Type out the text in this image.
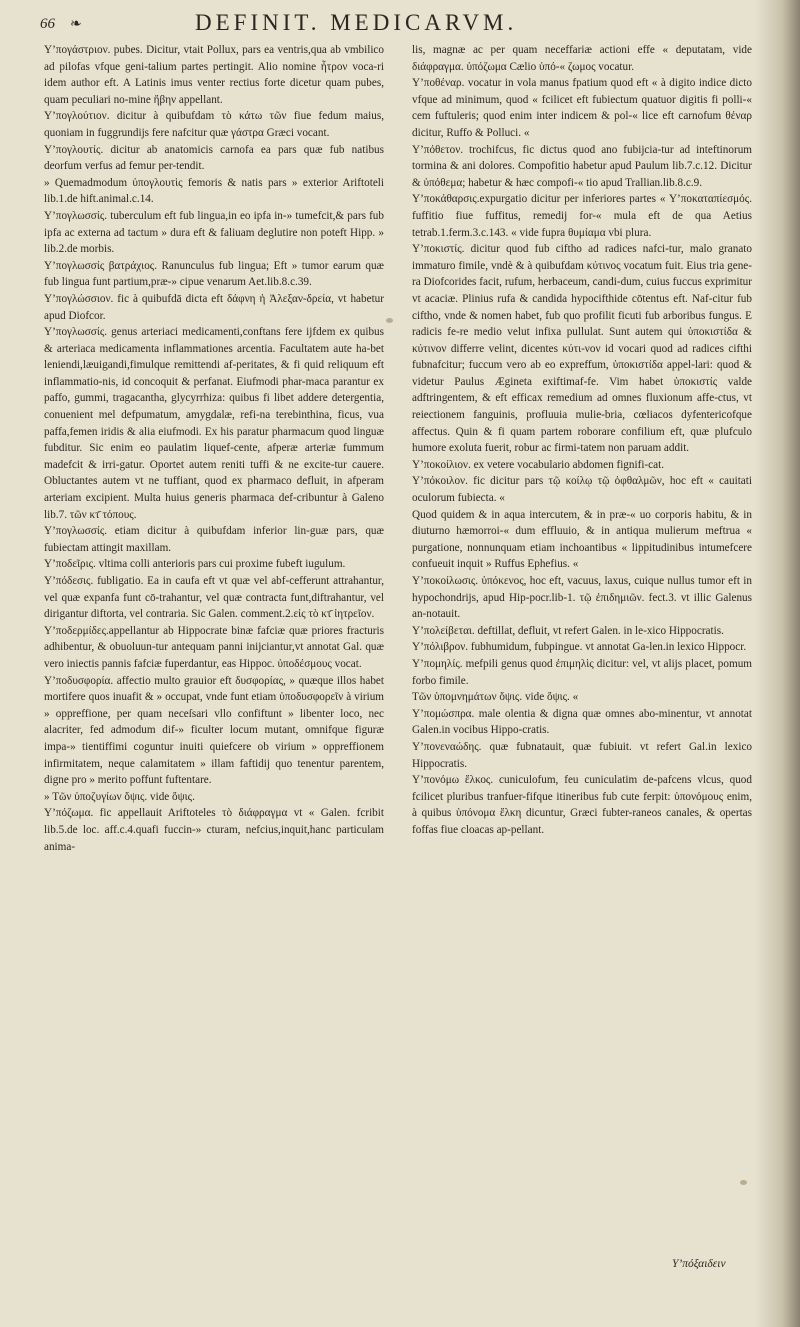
66 ❧	DEFINIT. MEDICARVM.

Y’πογάστριον. pubes. Dicitur, vtait Pollux, pars ea ventris,qua ab vmbilico ad pilofas vfque geni-talium partes pertingit. Alio nomine ἦτρον voca-ri idem author eft. A Latinis imus venter rectius forte dicetur quam pubes, quam peculiari no-mine ἥβην appellant.

Y’πογλούτιον. dicitur à quibufdam τὸ κάτω τῶν fiue fedum maius, quoniam in fuggrundijs fere nafcitur quæ γάστρα Græci vocant.

Y’πογλουτίς. dicitur ab anatomicis carnofa ea pars quæ fub natibus deorfum verfus ad femur per-tendit.

» Quemadmodum ὑπογλουτὶς femoris & natis pars » exterior Ariftoteli lib.1.de hift.animal.c.14.

Y’πογλωσσίς. tuberculum eft fub lingua,in eo ipfa in-» tumefcit,& pars fub ipfa ac externa ad tactum » dura eft & faliuam deglutire non poteft Hipp. » lib.2.de morbis.

Y’πογλωσσίς βατράχιος. Ranunculus fub lingua; Eft » tumor earum quæ fub lingua funt partium,præ-» cipue venarum Aet.lib.8.c.39.

Y’πογλώσσιον. fic à quibufdā dicta eft δάφνη ἡ Ἀλεξαν-δρεία, vt habetur apud Diofcor.

Y’πογλωσσίς. genus arteriaci medicamenti,conftans fere ijfdem ex quibus & arteriaca medicamenta inflammationes arcentia. Facultatem aute ha-bet leniendi,læuigandi,fimulque remittendi af-peritates, & fi quid reliquum eft inflammatio-nis, id concoquit & perfanat. Eiufmodi phar-maca parantur ex paffo, gummi, tragacantha, glycyrrhiza: quibus fi libet addere detergentia, conuenient mel defpumatum, amygdalæ, refi-na terebinthina, ficus, vua paffa,femen iridis & alia eiufmodi. Ex his paratur pharmacum quod linguæ fubditur. Sic enim eo paulatim liquef-cente, afperæ arteriæ fummum madefcit & irri-gatur. Oportet autem reniti tuffi & ne excite-tur cauere. Obluctantes autem vt ne tuffiant, quod ex pharmaco defluit, in afperam arteriam excipient. Multa huius generis pharmaca def-cribuntur à Galeno lib.7. τῶν κτ̄ τόπους.

Y’πογλωσσίς. etiam dicitur à quibufdam inferior lin-guæ pars, quæ fubiectam attingit maxillam.

Y’ποδεῖρις. vltima colli anterioris pars cui proxime fubeft iugulum.

Y’πόδεσις. fubligatio. Ea in caufa eft vt quæ vel abf-cefferunt attrahantur, vel quæ expanfa funt cō-trahantur, vel quæ contracta funt,diftrahantur, vel dirigantur diftorta, vel contraria. Sic Galen. comment.2.εἰς τὸ κτ̄ ἰητρεῖον.

Y’ποδερμίδες.appellantur ab Hippocrate binæ fafciæ quæ priores fracturis adhibentur, & obuoluun-tur antequam panni inijciantur,vt annotat Gal. quæ vero iniectis pannis fafciæ fuperdantur, eas Hippoc. ὑποδέσμους vocat.

Y’ποδυσφορία. affectio multo grauior eft δυσφορίας, » quæque illos habet mortifere quos inuafit & » occupat, vnde funt etiam ὑποδυσφορεῖν à virium » oppreffione, per quam neceſsari vllo confiftunt » libenter loco, nec alacriter, fed admodum dif-» ficulter locum mutant, omnifque figuræ impa-» tientiffimi coguntur inuiti quiefcere ob virium » oppreffionem infirmitatem, neque calamitatem » illam faftidij quo tenentur parentem, digne pro » merito poffunt fuftentare.

» Τῶν ὑποζυγίων ὄψις. vide ὄψις.

Y’πόζωμα. fic appellauit Ariftoteles τὸ διάφραγμα vt « Galen. fcribit lib.5.de loc. aff.c.4.quafi fuccin-» cturam, nefcius,inquit,hanc particulam anima-

lis, magnæ ac per quam neceffariæ actioni effe « deputatam, vide διάφραγμα. ὑπόζωμα Cælio ὑπό-« ζωμος vocatur.

Y’ποθέναρ. vocatur in vola manus fpatium quod eft « à digito indice dicto vfque ad minimum, quod « fcilicet eft fubiectum quatuor digitis fi polli-« cem fuftuleris; quod enim inter indicem & pol-« lice eft carnofum θέναρ dicitur, Ruffo & Polluci. «

Y’πόθετον. trochifcus, fic dictus quod ano fubijcia-tur ad inteftinorum tormina & ani dolores. Compofitio habetur apud Paulum lib.7.c.12. Dicitur & ὑπόθεμα; habetur & hæc compofi-« tio apud Trallian.lib.8.c.9.

Y’ποκάθαρσις.expurgatio dicitur per inferiores partes « Y’ποκαταπίεσμός. fuffitio fiue fuffitus, remedij for-« mula eft de qua Aetius tetrab.1.ferm.3.c.143. « vide fupra θυμίαμα vbi plura.

Y’ποκιστίς. dicitur quod fub ciftho ad radices nafci-tur, malo granato immaturo fimile, vndè & à quibufdam κύτινος vocatum fuit. Eius tria gene-ra Diofcorides facit, rufum, herbaceum, candi-dum, cuius fuccus exprimitur vt acaciæ. Plinius rufa & candida hypocifthide cōtentus eft. Naf-citur fub ciftho, vnde & nomen habet, fub quo profilit ficuti fub arboribus fungus. E radicis fe-re medio velut infixa pullulat. Sunt autem qui ὑποκιστίδα & κύτινον differre velint, dicentes κύτι-νον id vocari quod ad radices cifthi fubnafcitur; fuccum vero ab eo expreffum, ὑποκιστίδα appel-lari: quod & videtur Paulus Æginetа exiftimaf-fe. Vim habet ὑποκιστίς valde adftringentem, & eft efficax remedium ad omnes fluxionum affe-ctus, vt reiectionem fanguinis, profluuia mulie-bria, cœliacos dyfentericofque affectus. Quin & fi quam partem roborare confilium eft, quæ plufculo humore exoluta fuerit, robur ac firmi-tatem non paruam addit.

Y’ποκοίλιον. ex vetere vocabulario abdomen fignifi-cat.

Y’πόκοιλον. fic dicitur pars τῷ κοίλῳ τῷ ὀφθαλμῶν, hoc eft « cauitati oculorum fubiecta. «

Quod quidem & in aqua intercutem, & in præ-« uo corporis habitu, & in diuturno hæmorroi-« dum effluuio, & in antiqua mulierum meftrua « purgatione, nonnunquam etiam inchoantibus « lippitudinibus intumefcere confueuit inquit » Ruffus Ephefius. «

Y’ποκοίλωσις. ὑπόκενος, hoc eft, vacuus, laxus, cuique nullus tumor eft in hypochondrijs, apud Hip-pocr.lib-1. τῷ ἐπιδημιῶν. fect.3. vt illic Galenus an-notauit.

Y’πολείβεται. deftillat, defluit, vt refert Galen. in le-xico Hippocratis.

Y’πόλιβρον. fubhumidum, fubpingue. vt annotat Ga-len.in lexico Hippocr.

Y’πομηλίς. mefpili genus quod ἐπιμηλὶς dicitur: vel, vt alijs placet, pomum forbo fimile.

Τῶν ὑπομνημάτων ὄψις. vide ὄψις. «

Y’πομώσπρα. male olentia & digna quæ omnes abo-minentur, vt annotat Galen.in vocibus Hippo-cratis.

Y’πονεναώδης. quæ fubnatauit, quæ fubiuit. vt refert Gal.in lexico Hippocratis.

Y’πονόμω ἕλκος. cuniculofum, feu cuniculatim de-pafcens vlcus, quod fcilicet pluribus tranfuer-fifque itineribus fub cute ferpit: ὑπονόμους enim, à quibus ὑπόνομα ἕλκη dicuntur, Græci fubter-raneos canales, & opertas foffas fiue cloacas ap-pellant.

Y’πόξαιδειν
